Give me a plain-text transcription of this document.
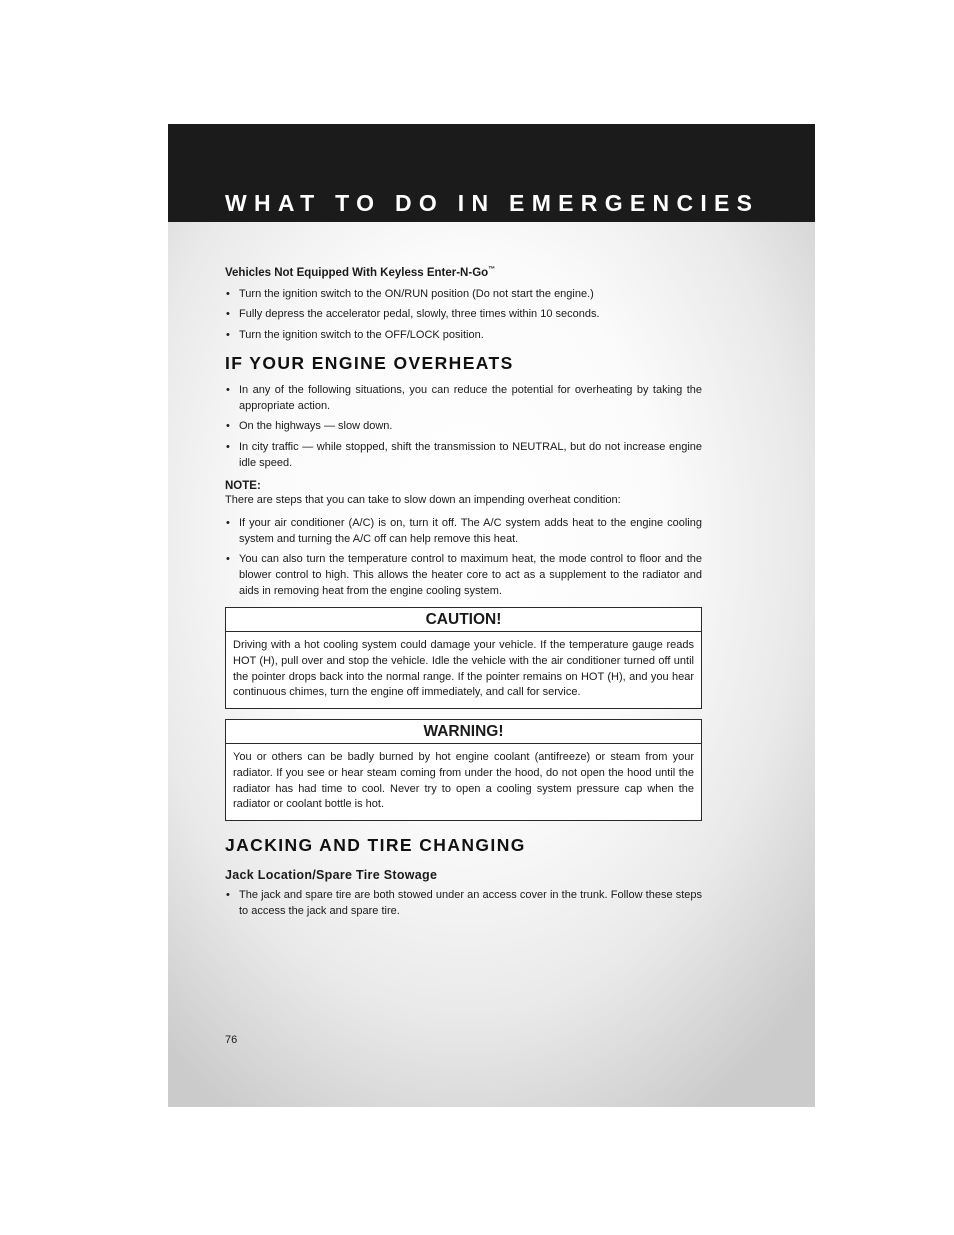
WHAT TO DO IN EMERGENCIES

Vehicles Not Equipped With Keyless Enter-N-Go™

• Turn the ignition switch to the ON/RUN position (Do not start the engine.)
• Fully depress the accelerator pedal, slowly, three times within 10 seconds.
• Turn the ignition switch to the OFF/LOCK position.
IF YOUR ENGINE OVERHEATS
• In any of the following situations, you can reduce the potential for overheating by taking the appropriate action.
• On the highways — slow down.
• In city traffic — while stopped, shift the transmission to NEUTRAL, but do not increase engine idle speed.

NOTE:

There are steps that you can take to slow down an impending overheat condition:

• If your air conditioner (A/C) is on, turn it off. The A/C system adds heat to the engine cooling system and turning the A/C off can help remove this heat.
• You can also turn the temperature control to maximum heat, the mode control to floor and the blower control to high. This allows the heater core to act as a supplement to the radiator and aids in removing heat from the engine cooling system.
CAUTION!
Driving with a hot cooling system could damage your vehicle. If the temperature gauge reads HOT (H), pull over and stop the vehicle. Idle the vehicle with the air conditioner turned off until the pointer drops back into the normal range. If the pointer remains on HOT (H), and you hear continuous chimes, turn the engine off immediately, and call for service.
WARNING!
You or others can be badly burned by hot engine coolant (antifreeze) or steam from your radiator. If you see or hear steam coming from under the hood, do not open the hood until the radiator has had time to cool. Never try to open a cooling system pressure cap when the radiator or coolant bottle is hot.
JACKING AND TIRE CHANGING
Jack Location/Spare Tire Stowage
• The jack and spare tire are both stowed under an access cover in the trunk. Follow these steps to access the jack and spare tire.
76
